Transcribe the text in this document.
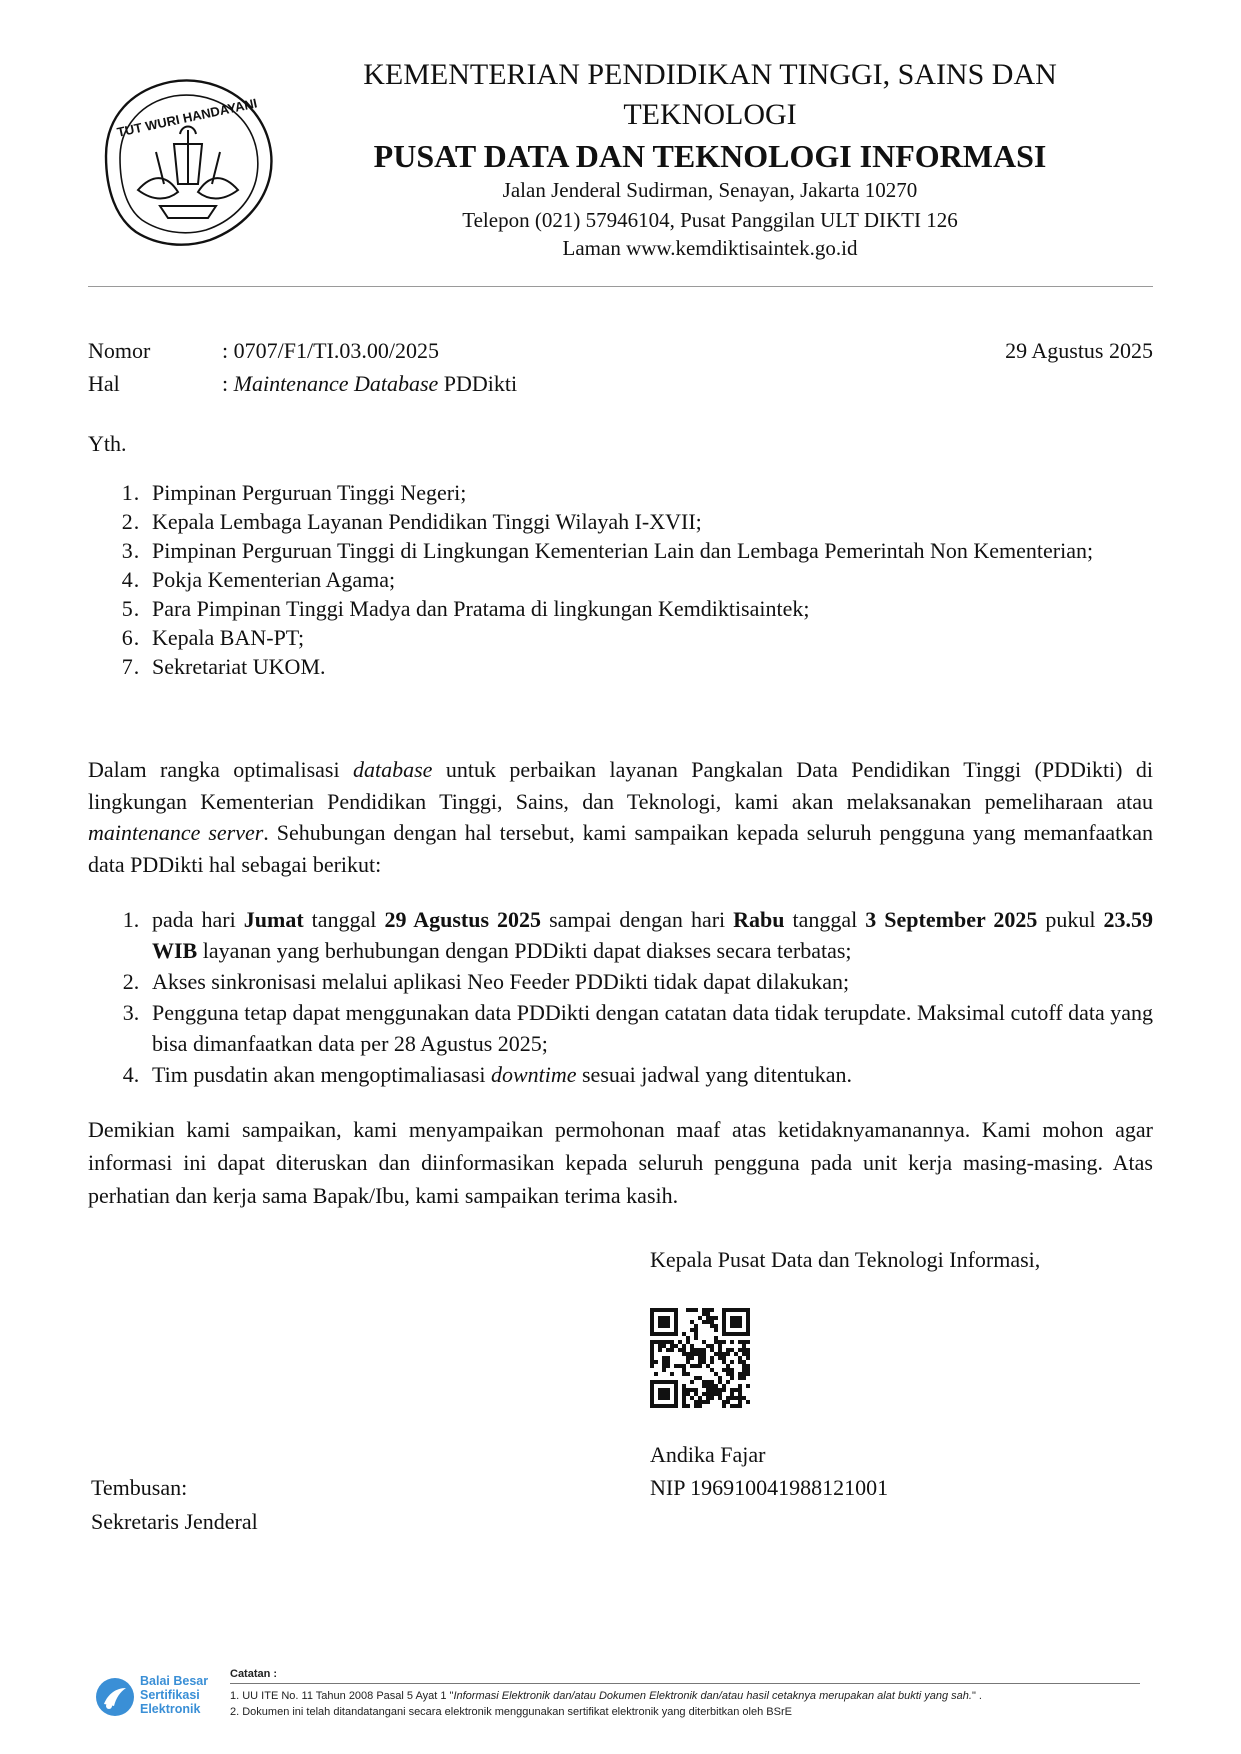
TUT WURI HANDAYANI
KEMENTERIAN PENDIDIKAN TINGGI, SAINS DAN
TEKNOLOGI
PUSAT DATA DAN TEKNOLOGI INFORMASI
Jalan Jenderal Sudirman, Senayan, Jakarta 10270
Telepon (021) 57946104, Pusat Panggilan ULT DIKTI 126
Laman www.kemdiktisaintek.go.id
Nomor	: 0707/F1/TI.03.00/2025	29 Agustus 2025
Hal	: Maintenance Database PDDikti
Yth.
1. Pimpinan Perguruan Tinggi Negeri;
2. Kepala Lembaga Layanan Pendidikan Tinggi Wilayah I-XVII;
3. Pimpinan Perguruan Tinggi di Lingkungan Kementerian Lain dan Lembaga Pemerintah Non Kementerian;
4. Pokja Kementerian Agama;
5. Para Pimpinan Tinggi Madya dan Pratama di lingkungan Kemdiktisaintek;
6. Kepala BAN-PT;
7. Sekretariat UKOM.

Dalam rangka optimalisasi database untuk perbaikan layanan Pangkalan Data Pendidikan Tinggi (PDDikti) di lingkungan Kementerian Pendidikan Tinggi, Sains, dan Teknologi, kami akan melaksanakan pemeliharaan atau maintenance server. Sehubungan dengan hal tersebut, kami sampaikan kepada seluruh pengguna yang memanfaatkan data PDDikti hal sebagai berikut:

1. pada hari Jumat tanggal 29 Agustus 2025 sampai dengan hari Rabu tanggal 3 September 2025 pukul 23.59 WIB layanan yang berhubungan dengan PDDikti dapat diakses secara terbatas;
2. Akses sinkronisasi melalui aplikasi Neo Feeder PDDikti tidak dapat dilakukan;
3. Pengguna tetap dapat menggunakan data PDDikti dengan catatan data tidak terupdate. Maksimal cutoff data yang bisa dimanfaatkan data per 28 Agustus 2025;
4. Tim pusdatin akan mengoptimaliasasi downtime sesuai jadwal yang ditentukan.

Demikian kami sampaikan, kami menyampaikan permohonan maaf atas ketidaknyamanannya. Kami mohon agar informasi ini dapat diteruskan dan diinformasikan kepada seluruh pengguna pada unit kerja masing-masing. Atas perhatian dan kerja sama Bapak/Ibu, kami sampaikan terima kasih.

Kepala Pusat Data dan Teknologi Informasi,
Andika Fajar
NIP 196910041988121001
Tembusan:
Sekretaris Jenderal
Balai Besar
Sertifikasi
Elektronik
Catatan :
1. UU ITE No. 11 Tahun 2008 Pasal 5 Ayat 1 "Informasi Elektronik dan/atau Dokumen Elektronik dan/atau hasil cetaknya merupakan alat bukti yang sah." .
2. Dokumen ini telah ditandatangani secara elektronik menggunakan sertifikat elektronik yang diterbitkan oleh BSrE
